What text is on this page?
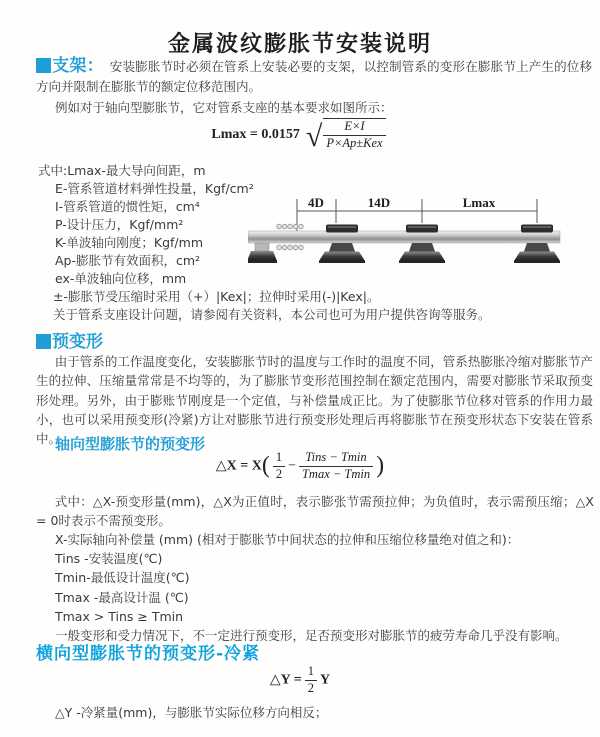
金属波纹膨胀节安装说明
支架： 安装膨胀节时必须在管系上安装必要的支架，以控制管系的变形在膨胀节上产生的位移方向并限制在膨胀节的额定位移范围内。
例如对于轴向型膨胀节，它对管系支座的基本要求如图所示：
Lmax = 0.0157 √ $\frac{E\times I}{\text{P×Ap±Kex}}$
式中:Lmax-最大导向间距，m
E-管系管道材料弹性投量，Kgf/cm²
I-管系管道的惯性矩，cm⁴
P-设计压力，Kgf/mm²
K-单波轴向刚度；Kgf/mm
Ap-膨胀节有效面积，cm²
ex-单波轴向位移，mm
±-膨胀节受压缩时采用（+）|Kex|；拉伸时采用(-)|Kex|。
关于管系支座设计问题，请参阅有关资料，本公司也可为用户提供咨询等服务。
4D	14D	Lmax
预变形
由于管系的工作温度变化，安装膨胀节时的温度与工作时的温度不同，管系热膨胀冷缩对膨胀节产生的拉伸、压缩量常常是不均等的，为了膨胀节变形范围控制在额定范围内，需要对膨胀节采取预变形处理。另外，由于膨账节刚度是一个定值，与补偿量成正比。为了使膨胀节位移对管系的作用力最小，也可以采用预变形(冷紧)方让对膨胀节进行预变形处理后再将膨胀节在预变形状态下安装在管系中。
轴向型膨胀节的预变形
△X = $X( \frac{1}{2} - \frac{\text{Tins − Tmin}}{Tmax - Tmin}$ )
式中：△X-预变形量(mm)，△X为正值时，表示膨张节需预拉伸；为负值时，表示需预压缩；△X = 0时表示不需预变形。
X-实际轴向补偿量 (mm) (相对于膨胀节中间状态的拉伸和压缩位移量绝对值之和)：
Tins -安装温度(℃)
Tmin-最低设计温度(℃)
Tmax -最高设计温 (℃)
Tmax > Tins ≥ Tmin
一般变形和受力情况下，不一定进行预变形，足否预变形对膨胀节的疲劳寿命几乎没有影响。
横向型膨胀节的预变形-冷紧
△Y = $\frac{1}{2}$ Y
△Y -冷紧量(mm)，与膨胀节实际位移方向相反；
